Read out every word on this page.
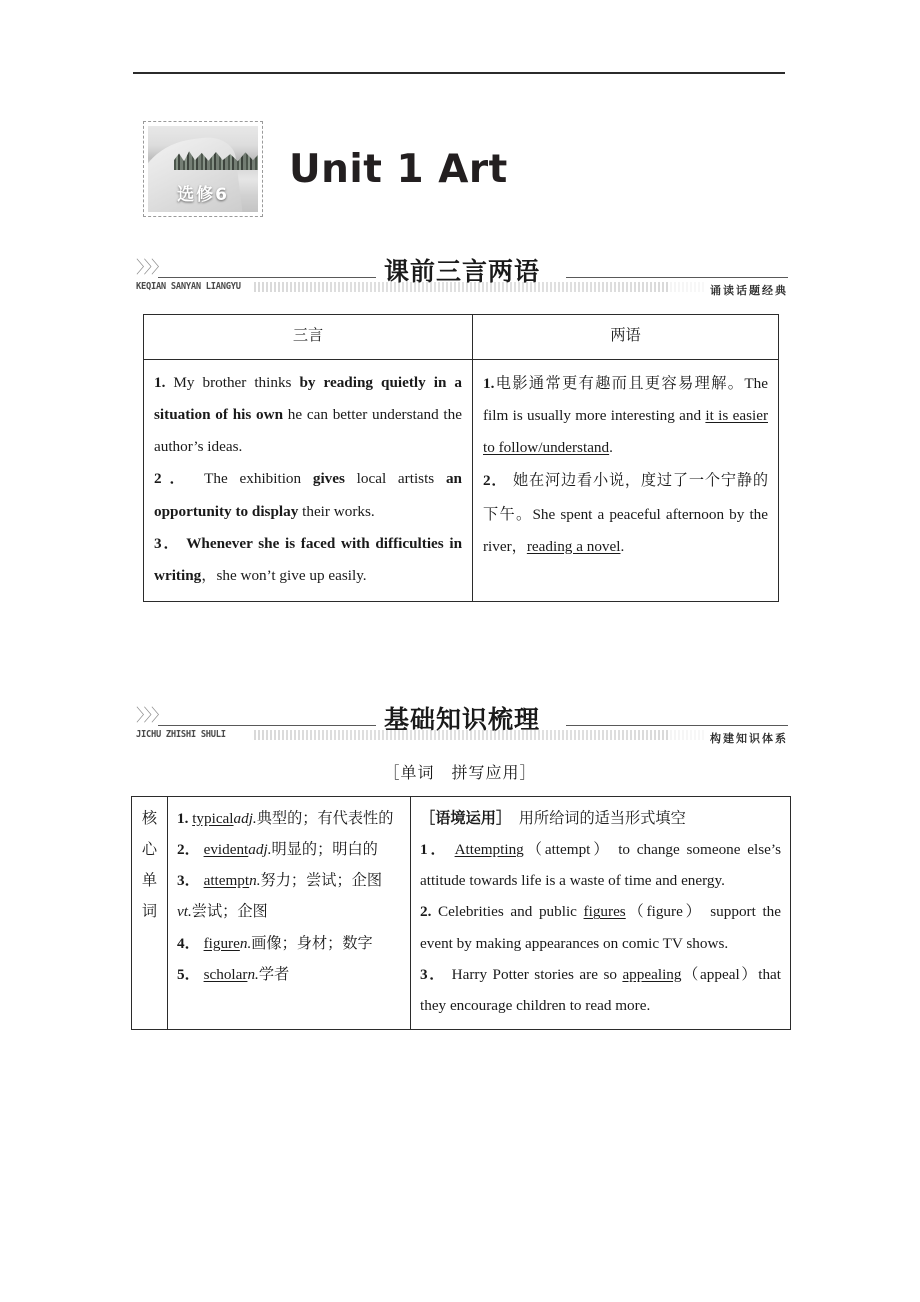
选修6
Unit 1 Art
〉〉〉
KEQIAN SANYAN LIANGYU
课前三言两语
诵读话题经典
三言	两语

1. My brother thinks by reading quietly in a situation of his own he can better understand the author’s ideas.
2． The exhibition gives local artists an opportunity to display their works.
3． Whenever she is faced with difficulties in writing，she won’t give up easily.

1.电影通常更有趣而且更容易理解。The film is usually more interesting and it is easier to follow/understand.
2． 她在河边看小说，度过了一个宁静的下午。She spent a peaceful afternoon by the river，reading a novel.
〉〉〉
JICHU ZHISHI SHULI
基础知识梳理
构建知识体系
［单词　拼写应用］
核
心
单
词

1. typicaladj.典型的；有代表性的
2． evidentadj.明显的；明白的
3． attemptn.努力；尝试；企图
vt.尝试；企图
4． figuren.画像；身材；数字
5． scholarn.学者

［语境运用］　用所给词的适当形式填空
1． Attempting（attempt） to change someone else’s attitude towards life is a waste of time and energy.
2. Celebrities and public figures（figure） support the event by making appearances on comic TV shows.
3． Harry Potter stories are so appealing（appeal）that they encourage children to read more.
